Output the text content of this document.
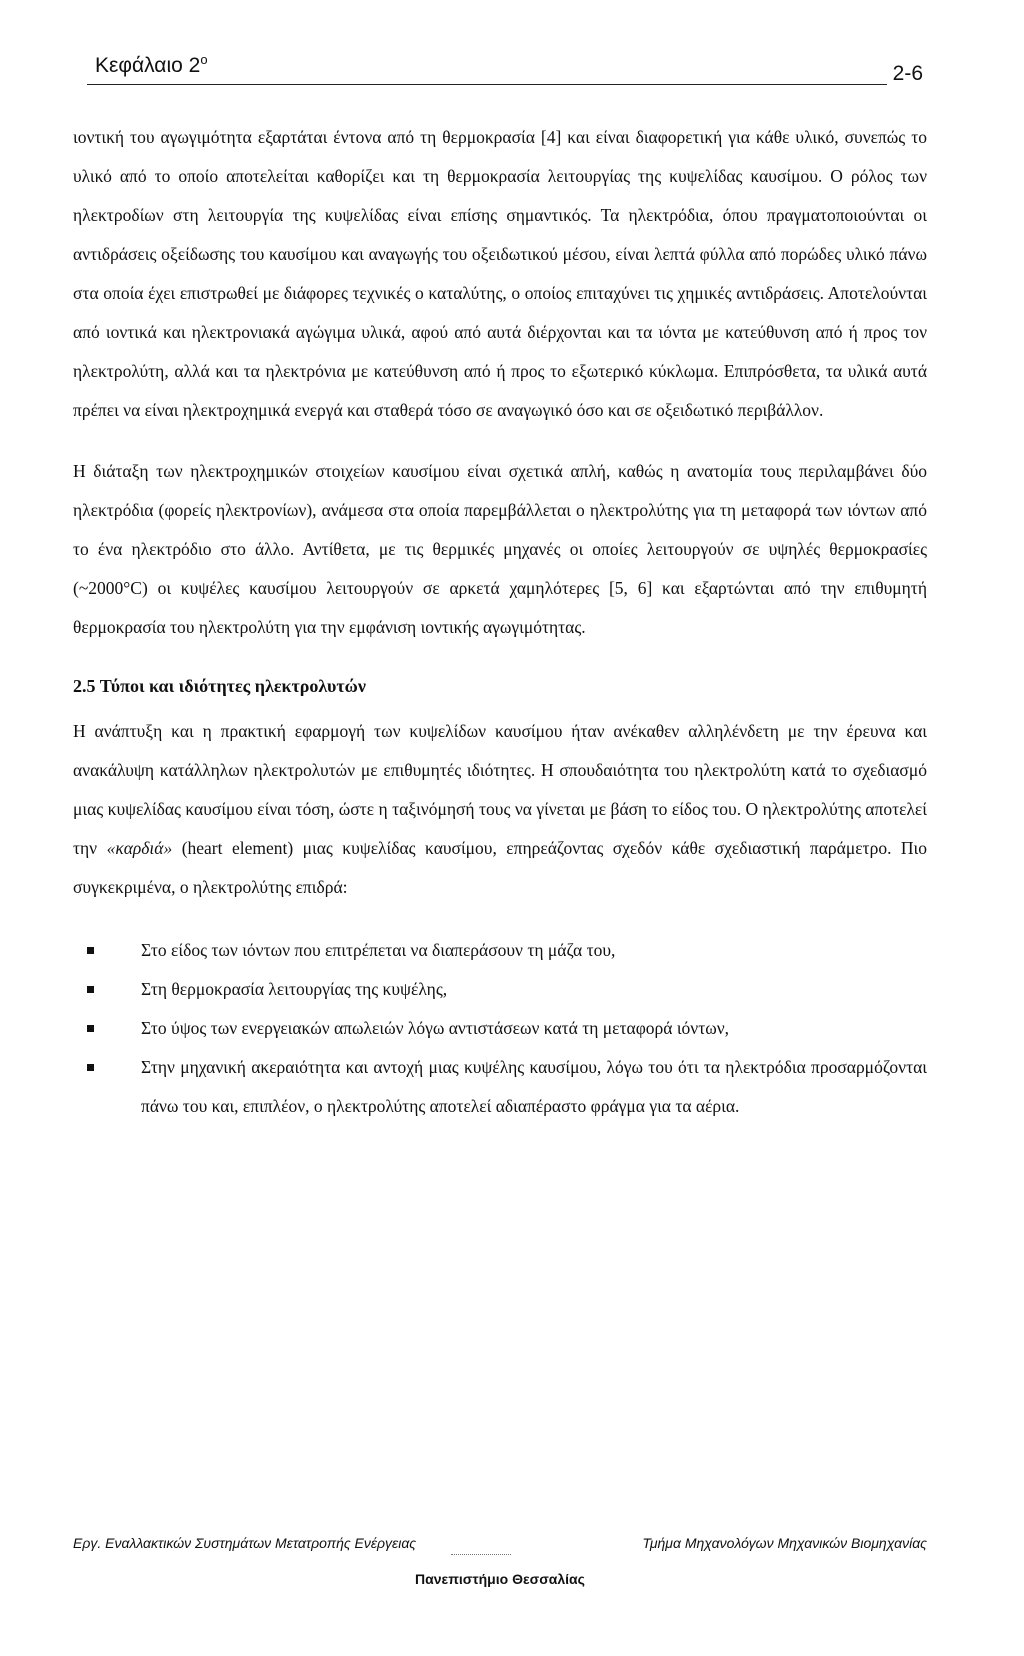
Κεφάλαιο $2^o$
2-6

ιοντική του αγωγιμότητα εξαρτάται έντονα από τη θερμοκρασία [4] και είναι διαφορετική για κάθε υλικό, συνεπώς το υλικό από το οποίο αποτελείται καθορίζει και τη θερμοκρασία λειτουργίας της κυψελίδας καυσίμου. Ο ρόλος των ηλεκτροδίων στη λειτουργία της κυψελίδας είναι επίσης σημαντικός. Τα ηλεκτρόδια, όπου πραγματοποιούνται οι αντιδράσεις οξείδωσης του καυσίμου και αναγωγής του οξειδωτικού μέσου, είναι λεπτά φύλλα από πορώδες υλικό πάνω στα οποία έχει επιστρωθεί με διάφορες τεχνικές ο καταλύτης, ο οποίος επιταχύνει τις χημικές αντιδράσεις. Αποτελούνται από ιοντικά και ηλεκτρονιακά αγώγιμα υλικά, αφού από αυτά διέρχονται και τα ιόντα με κατεύθυνση από ή προς τον ηλεκτρολύτη, αλλά και τα ηλεκτρόνια με κατεύθυνση από ή προς το εξωτερικό κύκλωμα. Επιπρόσθετα, τα υλικά αυτά πρέπει να είναι ηλεκτροχημικά ενεργά και σταθερά τόσο σε αναγωγικό όσο και σε οξειδωτικό περιβάλλον.

Η διάταξη των ηλεκτροχημικών στοιχείων καυσίμου είναι σχετικά απλή, καθώς η ανατομία τους περιλαμβάνει δύο ηλεκτρόδια (φορείς ηλεκτρονίων), ανάμεσα στα οποία παρεμβάλλεται ο ηλεκτρολύτης για τη μεταφορά των ιόντων από το ένα ηλεκτρόδιο στο άλλο. Αντίθετα, με τις θερμικές μηχανές οι οποίες λειτουργούν σε υψηλές θερμοκρασίες (~2000°C) οι κυψέλες καυσίμου λειτουργούν σε αρκετά χαμηλότερες [5, 6] και εξαρτώνται από την επιθυμητή θερμοκρασία του ηλεκτρολύτη για την εμφάνιση ιοντικής αγωγιμότητας.

2.5 Τύποι και ιδιότητες ηλεκτρολυτών

Η ανάπτυξη και η πρακτική εφαρμογή των κυψελίδων καυσίμου ήταν ανέκαθεν αλληλένδετη με την έρευνα και ανακάλυψη κατάλληλων ηλεκτρολυτών με επιθυμητές ιδιότητες. Η σπουδαιότητα του ηλεκτρολύτη κατά το σχεδιασμό μιας κυψελίδας καυσίμου είναι τόση, ώστε η ταξινόμησή τους να γίνεται με βάση το είδος του. Ο ηλεκτρολύτης αποτελεί την «καρδιά» (heart element) μιας κυψελίδας καυσίμου, επηρεάζοντας σχεδόν κάθε σχεδιαστική παράμετρο. Πιο συγκεκριμένα, ο ηλεκτρολύτης επιδρά:

Στο είδος των ιόντων που επιτρέπεται να διαπεράσουν τη μάζα του,
Στη θερμοκρασία λειτουργίας της κυψέλης,
Στο ύψος των ενεργειακών απωλειών λόγω αντιστάσεων κατά τη μεταφορά ιόντων,
Στην μηχανική ακεραιότητα και αντοχή μιας κυψέλης καυσίμου, λόγω του ότι τα ηλεκτρόδια προσαρμόζονται πάνω του και, επιπλέον, ο ηλεκτρολύτης αποτελεί αδιαπέραστο φράγμα για τα αέρια.
Εργ. Εναλλακτικών Συστημάτων Μετατροπής Ενέργειας	Τμήμα Μηχανολόγων Μηχανικών Βιομηχανίας
Πανεπιστήμιο Θεσσαλίας
